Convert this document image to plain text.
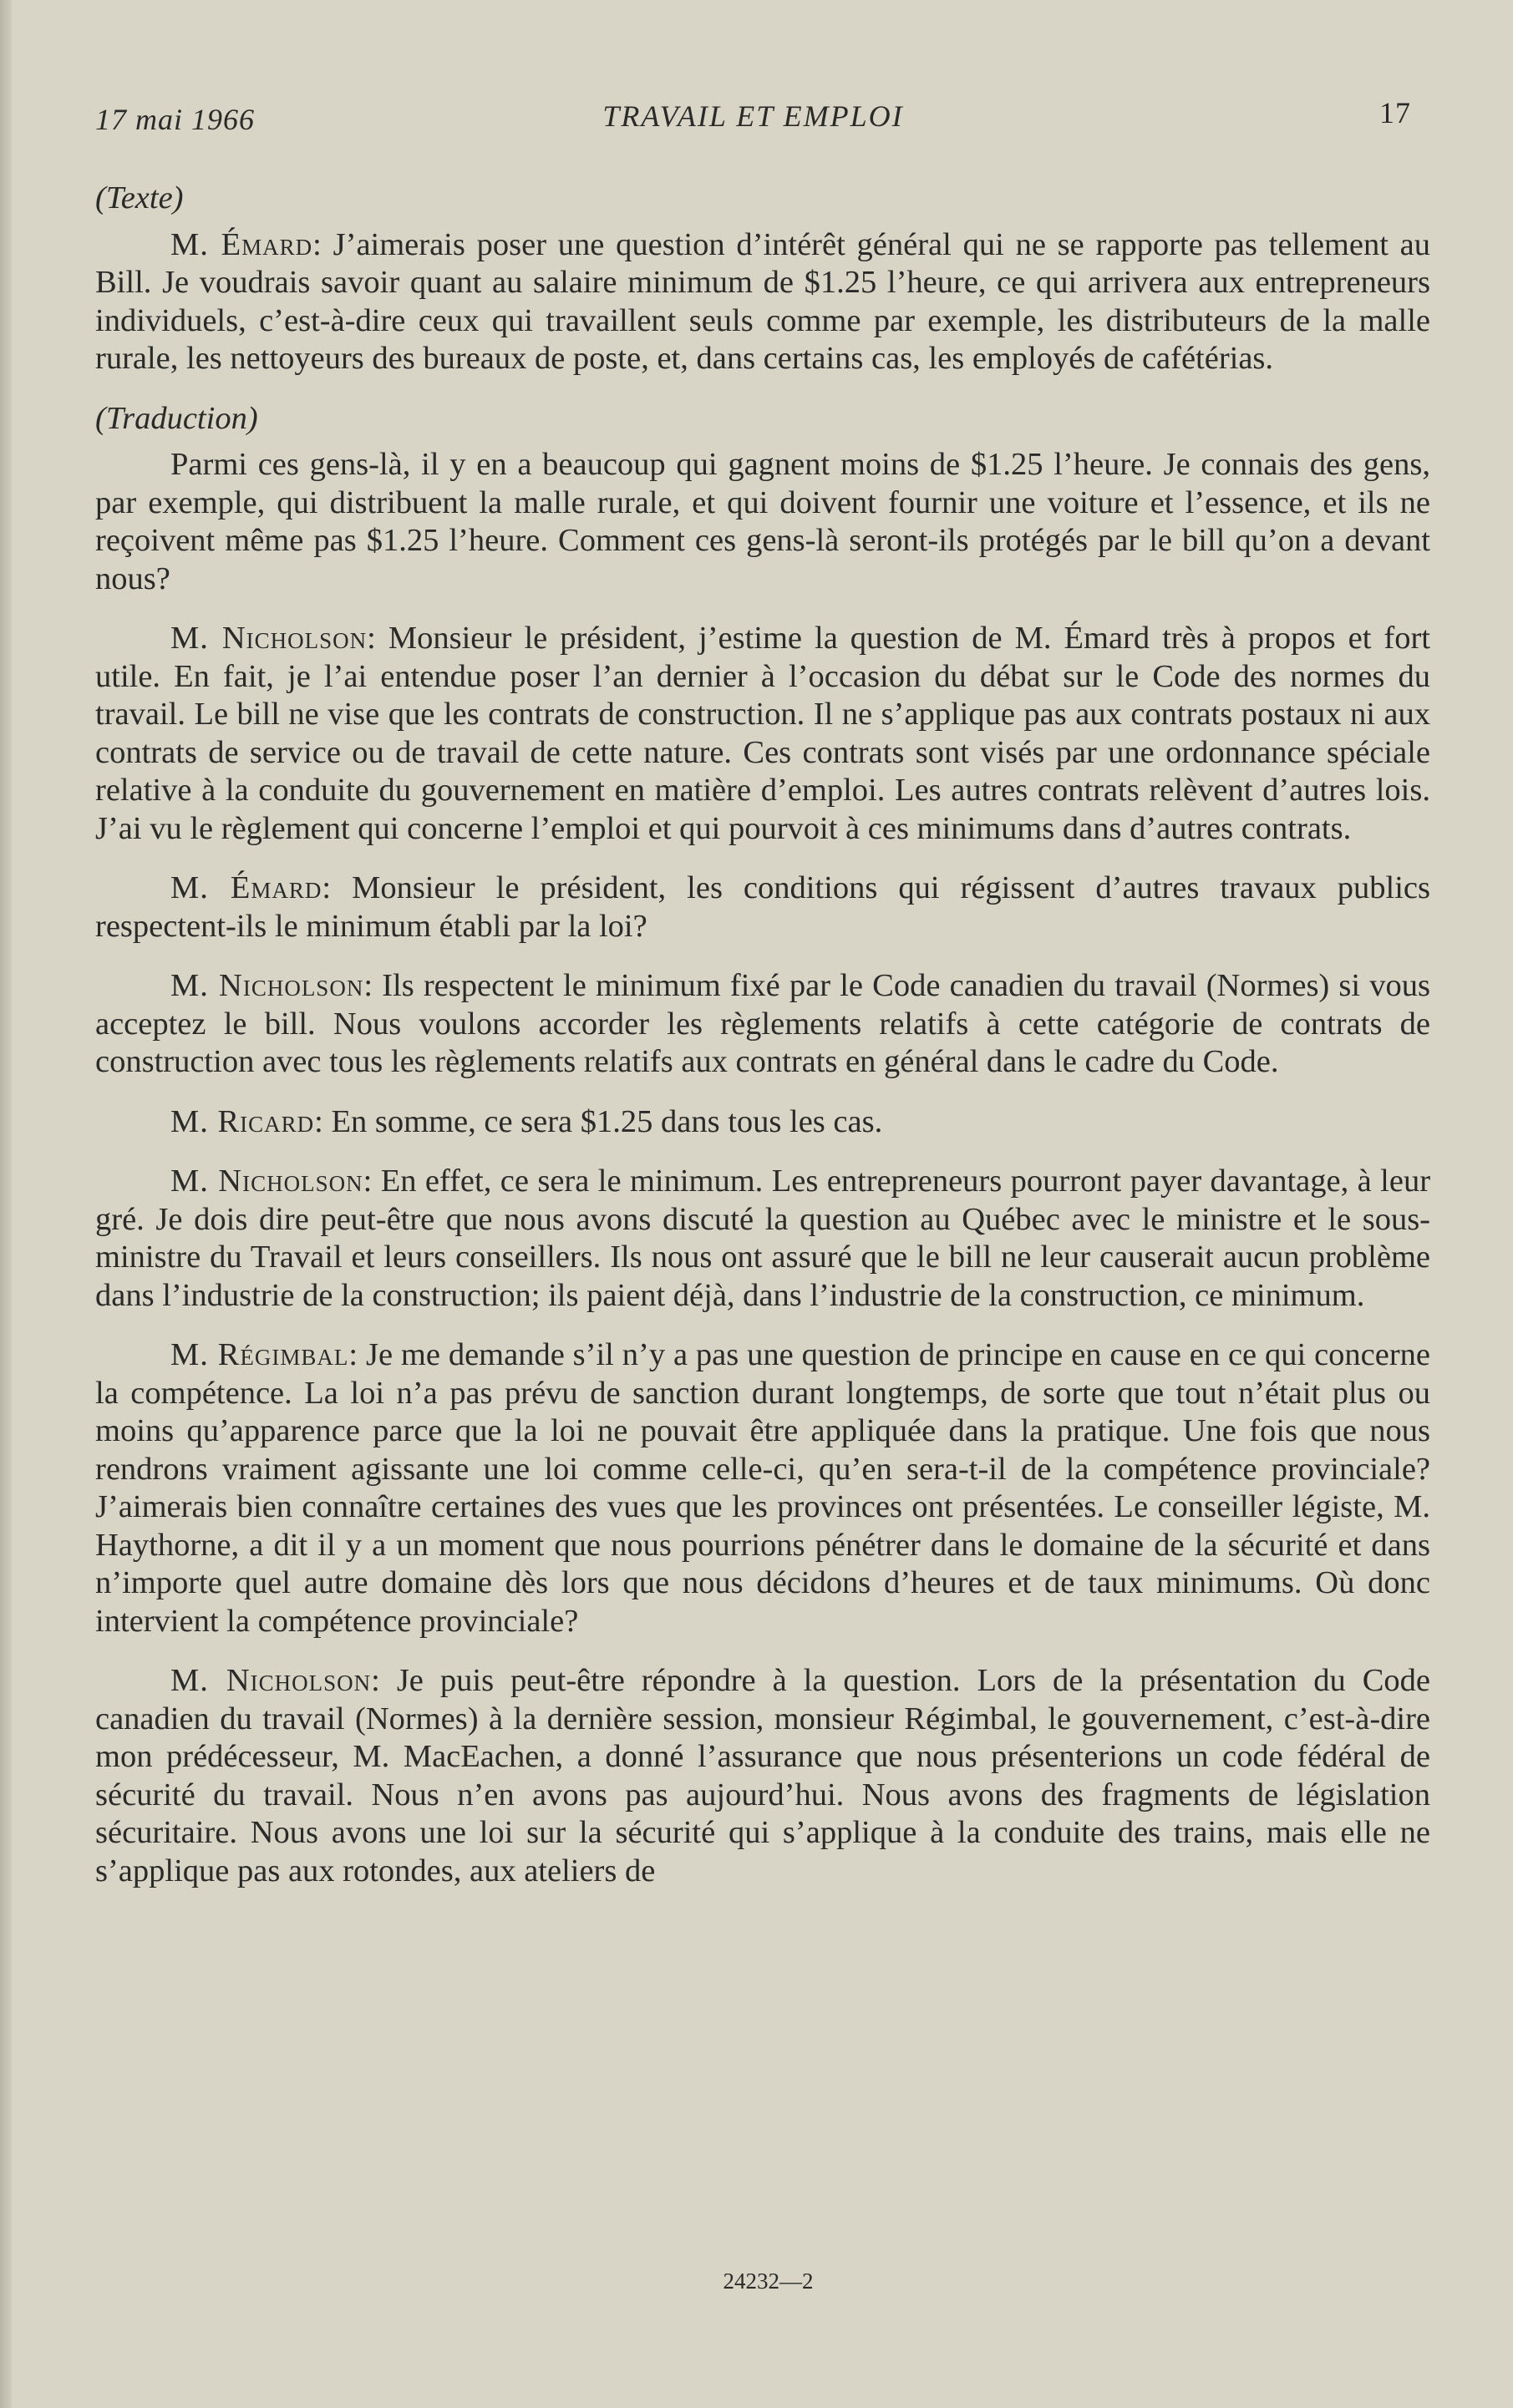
17 mai 1966	TRAVAIL ET EMPLOI	17

(Texte)

M. Émard: J’aimerais poser une question d’intérêt général qui ne se rapporte pas tellement au Bill. Je voudrais savoir quant au salaire minimum de $1.25 l’heure, ce qui arrivera aux entrepreneurs individuels, c’est-à-dire ceux qui travaillent seuls comme par exemple, les distributeurs de la malle rurale, les nettoyeurs des bureaux de poste, et, dans certains cas, les employés de cafétérias.

(Traduction)

Parmi ces gens-là, il y en a beaucoup qui gagnent moins de $1.25 l’heure. Je connais des gens, par exemple, qui distribuent la malle rurale, et qui doivent fournir une voiture et l’essence, et ils ne reçoivent même pas $1.25 l’heure. Comment ces gens-là seront-ils protégés par le bill qu’on a devant nous?

M. Nicholson: Monsieur le président, j’estime la question de M. Émard très à propos et fort utile. En fait, je l’ai entendue poser l’an dernier à l’occasion du débat sur le Code des normes du travail. Le bill ne vise que les contrats de construction. Il ne s’applique pas aux contrats postaux ni aux contrats de service ou de travail de cette nature. Ces contrats sont visés par une ordonnance spéciale relative à la conduite du gouvernement en matière d’emploi. Les autres contrats relèvent d’autres lois. J’ai vu le règlement qui concerne l’emploi et qui pourvoit à ces minimums dans d’autres contrats.

M. Émard: Monsieur le président, les conditions qui régissent d’autres travaux publics respectent-ils le minimum établi par la loi?

M. Nicholson: Ils respectent le minimum fixé par le Code canadien du travail (Normes) si vous acceptez le bill. Nous voulons accorder les règlements relatifs à cette catégorie de contrats de construction avec tous les règlements relatifs aux contrats en général dans le cadre du Code.

M. Ricard: En somme, ce sera $1.25 dans tous les cas.

M. Nicholson: En effet, ce sera le minimum. Les entrepreneurs pourront payer davantage, à leur gré. Je dois dire peut-être que nous avons discuté la question au Québec avec le ministre et le sous-ministre du Travail et leurs conseillers. Ils nous ont assuré que le bill ne leur causerait aucun problème dans l’industrie de la construction; ils paient déjà, dans l’industrie de la construction, ce minimum.

M. Régimbal: Je me demande s’il n’y a pas une question de principe en cause en ce qui concerne la compétence. La loi n’a pas prévu de sanction durant longtemps, de sorte que tout n’était plus ou moins qu’apparence parce que la loi ne pouvait être appliquée dans la pratique. Une fois que nous rendrons vraiment agissante une loi comme celle-ci, qu’en sera-t-il de la compétence provinciale? J’aimerais bien connaître certaines des vues que les provinces ont présentées. Le conseiller légiste, M. Haythorne, a dit il y a un moment que nous pourrions pénétrer dans le domaine de la sécurité et dans n’importe quel autre domaine dès lors que nous décidons d’heures et de taux minimums. Où donc intervient la compétence provinciale?

M. Nicholson: Je puis peut-être répondre à la question. Lors de la présentation du Code canadien du travail (Normes) à la dernière session, monsieur Régimbal, le gouvernement, c’est-à-dire mon prédécesseur, M. MacEachen, a donné l’assurance que nous présenterions un code fédéral de sécurité du travail. Nous n’en avons pas aujourd’hui. Nous avons des fragments de législation sécuritaire. Nous avons une loi sur la sécurité qui s’applique à la conduite des trains, mais elle ne s’applique pas aux rotondes, aux ateliers de

24232—2
